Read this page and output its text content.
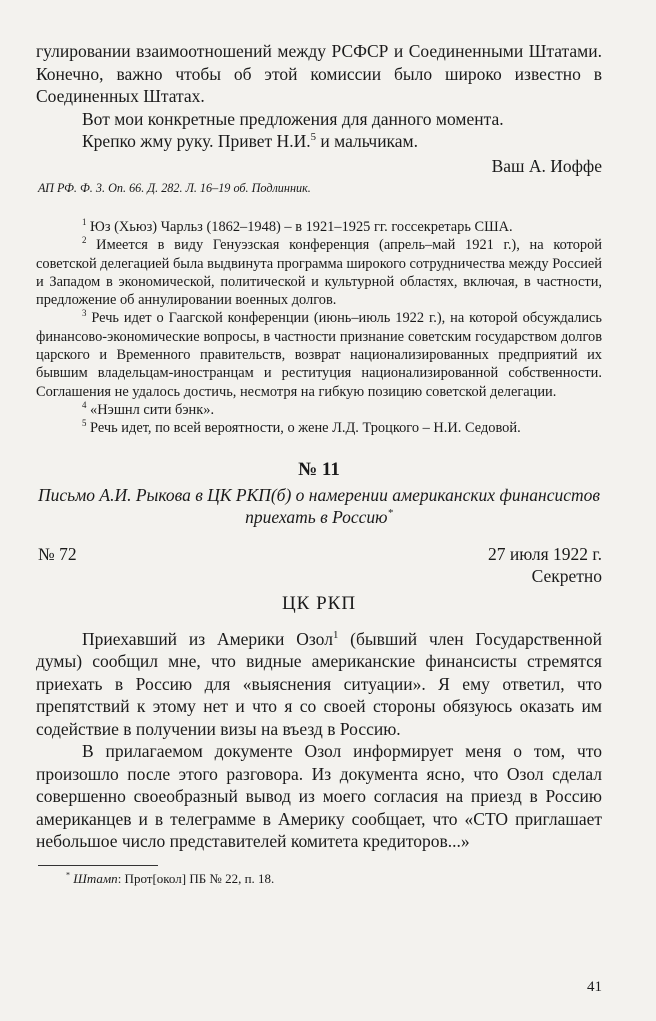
гулировании взаимоотношений между РСФСР и Соединенными Штатами. Конечно, важно чтобы об этой комиссии было широко известно в Соединенных Штатах.

Вот мои конкретные предложения для данного момента.

Крепко жму руку. Привет Н.И.$^5$ и мальчикам.

Ваш А. Иоффе

АП РФ. Ф. 3. Оп. 66. Д. 282. Л. 16–19 об. Подлинник.

$^1$ Юз (Хьюз) Чарльз (1862–1948) – в 1921–1925 гг. госсекретарь США.

$^2$ Имеется в виду Генуэзская конференция (апрель–май 1921 г.), на которой советской делегацией была выдвинута программа широкого сотрудничества между Россией и Западом в экономической, политической и культурной областях, включая, в частности, предложение об аннулировании военных долгов.

$^3$ Речь идет о Гаагской конференции (июнь–июль 1922 г.), на которой обсуждались финансово-экономические вопросы, в частности признание советским государством долгов царского и Временного правительств, возврат национализированных предприятий их бывшим владельцам-иностранцам и реституция национализированной собственности. Соглашения не удалось достичь, несмотря на гибкую позицию советской делегации.

$^4$ «Нэшнл сити бэнк».

$^5$ Речь идет, по всей вероятности, о жене Л.Д. Троцкого – Н.И. Седовой.

№ 11

Письмо А.И. Рыкова в ЦК РКП(б) о намерении американских финансистов приехать в Россию*

№ 72	27 июля 1922 г.
Секретно

ЦК РКП

Приехавший из Америки Озол$^1$ (бывший член Государственной думы) сообщил мне, что видные американские финансисты стремятся приехать в Россию для «выяснения ситуации». Я ему ответил, что препятствий к этому нет и что я со своей стороны обязуюсь оказать им содействие в получении визы на въезд в Россию.

В прилагаемом документе Озол информирует меня о том, что произошло после этого разговора. Из документа ясно, что Озол сделал совершенно своеобразный вывод из моего согласия на приезд в Россию американцев и в телеграмме в Америку сообщает, что «СТО приглашает небольшое число представителей комитета кредиторов...»

* Штамп: Прот[окол] ПБ № 22, п. 18.

41
